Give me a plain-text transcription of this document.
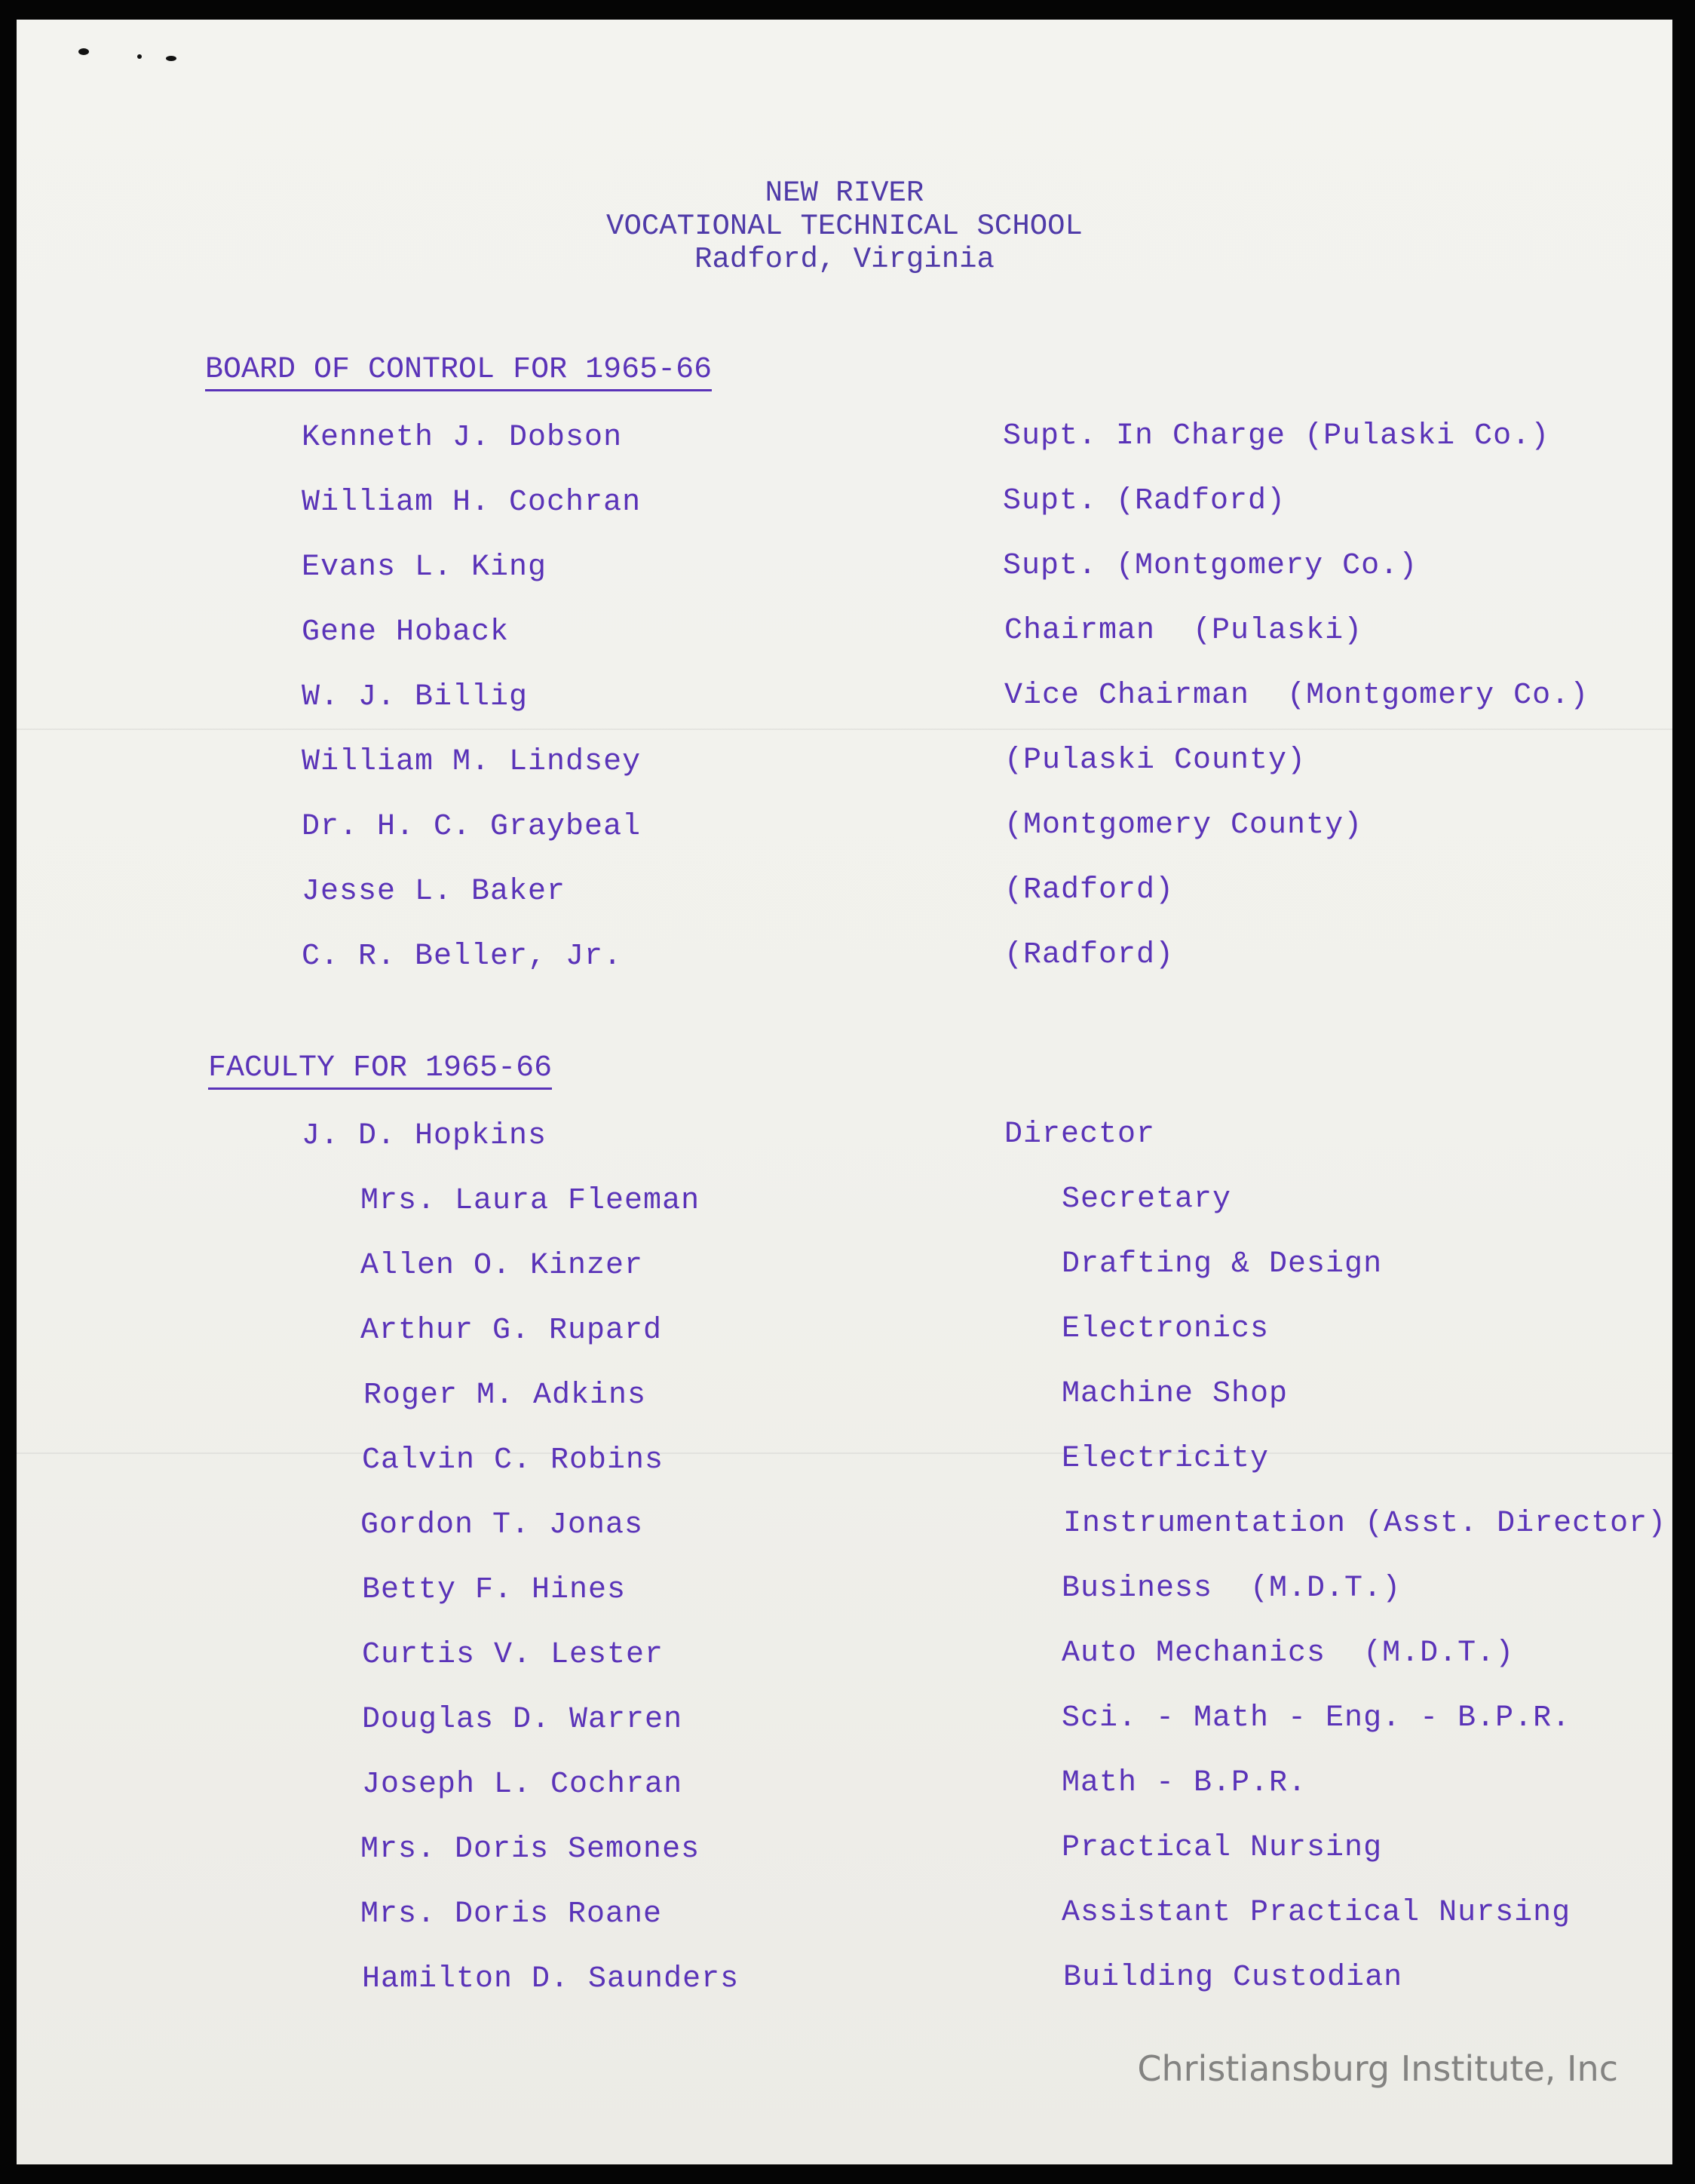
NEW RIVER
VOCATIONAL TECHNICAL SCHOOL
Radford, Virginia
BOARD OF CONTROL FOR 1965-66
Kenneth J. Dobson	Supt. In Charge (Pulaski Co.)
William H. Cochran	Supt. (Radford)
Evans L. King	Supt. (Montgomery Co.)
Gene Hoback	Chairman  (Pulaski)
W. J. Billig	Vice Chairman  (Montgomery Co.)
William M. Lindsey	(Pulaski County)
Dr. H. C. Graybeal	(Montgomery County)
Jesse L. Baker	(Radford)
C. R. Beller, Jr.	(Radford)
FACULTY FOR 1965-66
J. D. Hopkins	Director
Mrs. Laura Fleeman	Secretary
Allen O. Kinzer	Drafting & Design
Arthur G. Rupard	Electronics
Roger M. Adkins	Machine Shop
Calvin C. Robins	Electricity
Gordon T. Jonas	Instrumentation (Asst. Director)
Betty F. Hines	Business  (M.D.T.)
Curtis V. Lester	Auto Mechanics  (M.D.T.)
Douglas D. Warren	Sci. - Math - Eng. - B.P.R.
Joseph L. Cochran	Math - B.P.R.
Mrs. Doris Semones	Practical Nursing
Mrs. Doris Roane	Assistant Practical Nursing
Hamilton D. Saunders	Building Custodian
Christiansburg Institute, Inc
